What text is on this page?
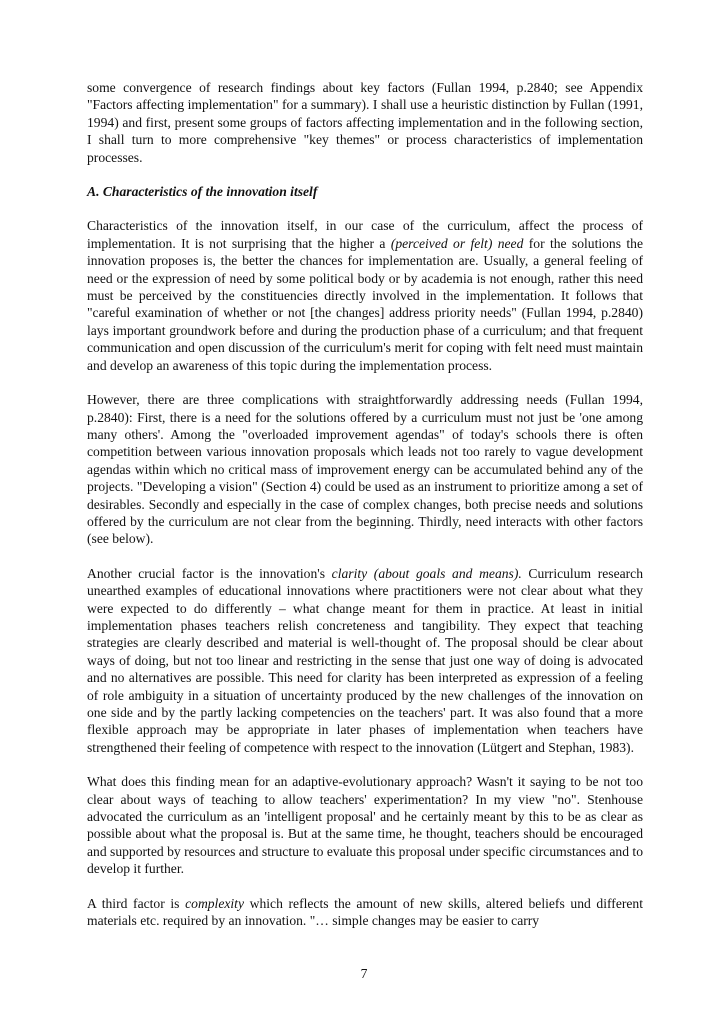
some convergence of research findings about key factors (Fullan 1994, p.2840; see Appendix "Factors affecting implementation" for a summary). I shall use a heuristic distinction by Fullan (1991, 1994) and first, present some groups of factors affecting implementation and in the following section, I shall turn to more comprehensive "key themes" or process characteristics of implementation processes.

A. Characteristics of the innovation itself

Characteristics of the innovation itself, in our case of the curriculum, affect the process of implementation. It is not surprising that the higher a (perceived or felt) need for the solutions the innovation proposes is, the better the chances for implementation are. Usually, a general feeling of need or the expression of need by some political body or by academia is not enough, rather this need must be perceived by the constituencies directly involved in the implementation. It follows that "careful examination of whether or not [the changes] address priority needs" (Fullan 1994, p.2840) lays important groundwork before and during the production phase of a curriculum; and that frequent communication and open discussion of the curriculum's merit for coping with felt need must maintain and develop an awareness of this topic during the implementation process.

However, there are three complications with straightforwardly addressing needs (Fullan 1994, p.2840): First, there is a need for the solutions offered by a curriculum must not just be 'one among many others'. Among the "overloaded improvement agendas" of today's schools there is often competition between various innovation proposals which leads not too rarely to vague development agendas within which no critical mass of improvement energy can be accumulated behind any of the projects. "Developing a vision" (Section 4) could be used as an instrument to prioritize among a set of desirables. Secondly and especially in the case of complex changes, both precise needs and solutions offered by the curriculum are not clear from the beginning. Thirdly, need interacts with other factors (see below).

Another crucial factor is the innovation's clarity (about goals and means). Curriculum research unearthed examples of educational innovations where practitioners were not clear about what they were expected to do differently – what change meant for them in practice. At least in initial implementation phases teachers relish concreteness and tangibility. They expect that teaching strategies are clearly described and material is well-thought of. The proposal should be clear about ways of doing, but not too linear and restricting in the sense that just one way of doing is advocated and no alternatives are possible. This need for clarity has been interpreted as expression of a feeling of role ambiguity in a situation of uncertainty produced by the new challenges of the innovation on one side and by the partly lacking competencies on the teachers' part. It was also found that a more flexible approach may be appropriate in later phases of implementation when teachers have strengthened their feeling of competence with respect to the innovation (Lütgert and Stephan, 1983).

What does this finding mean for an adaptive-evolutionary approach? Wasn't it saying to be not too clear about ways of teaching to allow teachers' experimentation? In my view "no". Stenhouse advocated the curriculum as an 'intelligent proposal' and he certainly meant by this to be as clear as possible about what the proposal is. But at the same time, he thought, teachers should be encouraged and supported by resources and structure to evaluate this proposal under specific circumstances and to develop it further.

A third factor is complexity which reflects the amount of new skills, altered beliefs und different materials etc. required by an innovation. "… simple changes may be easier to carry

7
